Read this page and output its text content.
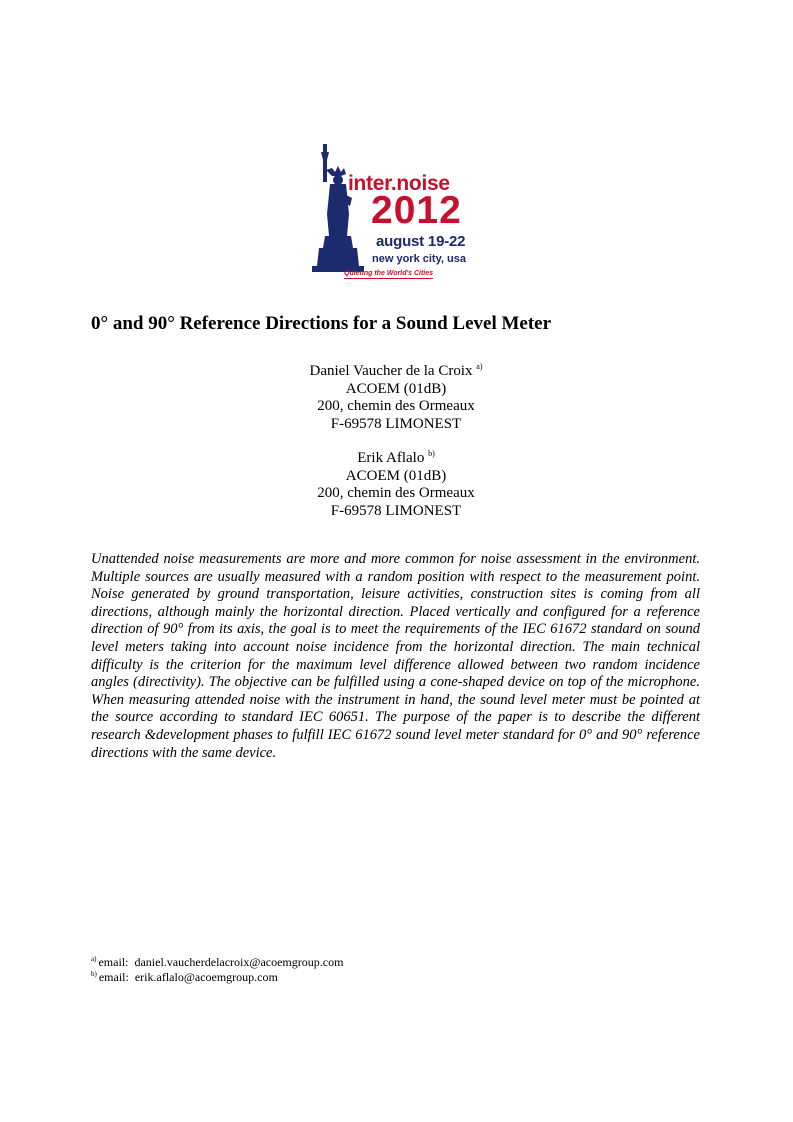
inter.noise
2012
august 19-22
new york city, usa
Quieting the World's Cities
0° and 90° Reference Directions for a Sound Level Meter
Daniel Vaucher de la Croix $^{a)}$
ACOEM (01dB)
200, chemin des Ormeaux
F-69578 LIMONEST
Erik Aflalo $^{b)}$
ACOEM (01dB)
200, chemin des Ormeaux
F-69578 LIMONEST

Unattended noise measurements are more and more common for noise assessment in the environment. Multiple sources are usually measured with a random position with respect to the measurement point. Noise generated by ground transportation, leisure activities, construction sites is coming from all directions, although mainly the horizontal direction. Placed vertically and configured for a reference direction of 90° from its axis, the goal is to meet the requirements of the IEC 61672 standard on sound level meters taking into account noise incidence from the horizontal direction. The main technical difficulty is the criterion for the maximum level difference allowed between two random incidence angles (directivity). The objective can be fulfilled using a cone-shaped device on top of the microphone. When measuring attended noise with the instrument in hand, the sound level meter must be pointed at the source according to standard IEC 60651. The purpose of the paper is to describe the different research &development phases to fulfill IEC 61672 sound level meter standard for 0° and 90° reference directions with the same device.

$^{a)}$ email: daniel.vaucherdelacroix@acoemgroup.com
$^{b)}$ email: erik.aflalo@acoemgroup.com
